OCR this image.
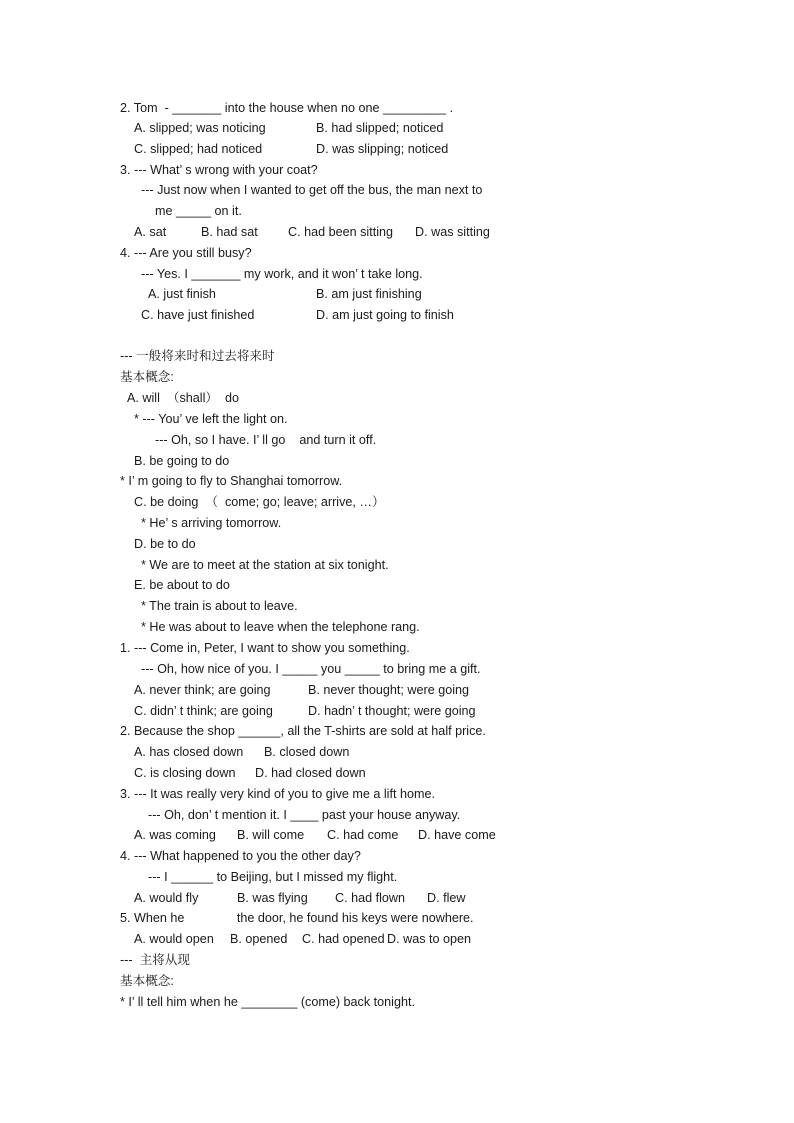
2. Tom  - _______ into the house when no one _________ .
A. slipped; was noticing	B. had slipped; noticed
C. slipped; had noticed	D. was slipping; noticed
3. --- What’ s wrong with your coat?
--- Just now when I wanted to get off the bus, the man next to
me _____ on it.
A. sat	B. had sat C. had been sitting D. was sitting
4. --- Are you still busy?
--- Yes. I _______ my work, and it won’ t take long.
A. just finish	B. am just finishing
C. have just finished	D. am just going to finish
--- 一般将来时和过去将来时
基本概念:
A. will  （shall）  do
* --- You’ ve left the light on.
--- Oh, so I have. I’ ll go    and turn it off.
B. be going to do
* I’ m going to fly to Shanghai tomorrow.
C. be doing  （  come; go; leave; arrive, …）
* He’ s arriving tomorrow.
D. be to do
* We are to meet at the station at six tonight.
E. be about to do
* The train is about to leave.
* He was about to leave when the telephone rang.
1. --- Come in, Peter, I want to show you something.
--- Oh, how nice of you. I _____ you _____ to bring me a gift.
A. never think; are going	B. never thought; were going
C. didn’ t think; are going	D. hadn’ t thought; were going
2. Because the shop ______, all the T-shirts are sold at half price.
A. has closed down B. closed down
C. is closing down D. had closed down
3. --- It was really very kind of you to give me a lift home.
--- Oh, don’ t mention it. I ____ past your house anyway.
A. was coming B. will come C. had come D. have come
4. --- What happened to you the other day?
--- I ______ to Beijing, but I missed my flight.
A. would fly	B. was flying C. had flown D. flew
5. When he               the door, he found his keys were nowhere.
A. would open B. opened C. had opened D. was to open
---  主将从现
基本概念:
* I’ ll tell him when he ________ (come) back tonight.
